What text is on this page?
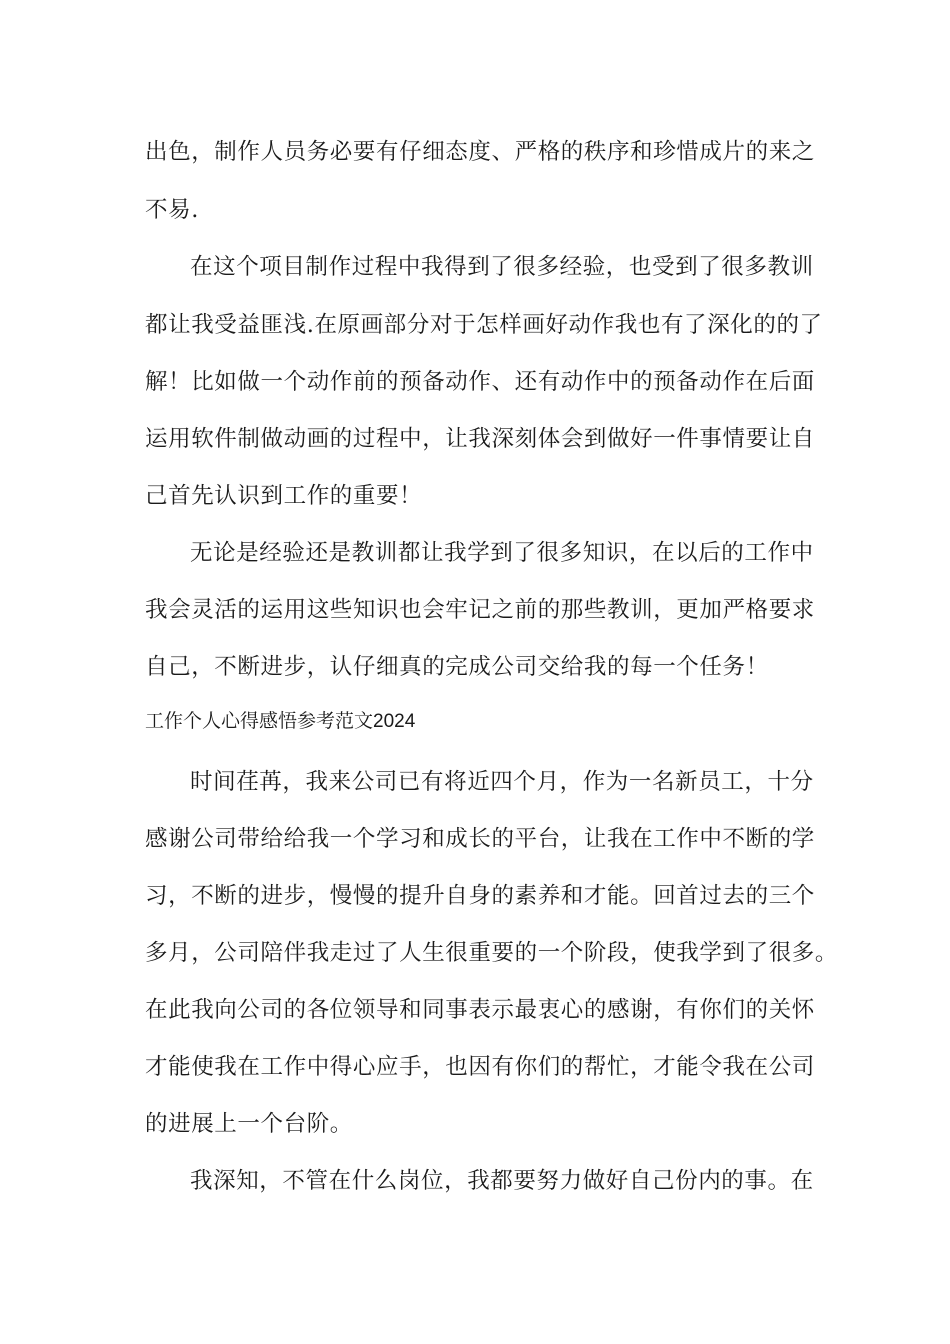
出色，制作人员务必要有仔细态度、严格的秩序和珍惜成片的来之
不易.
在这个项目制作过程中我得到了很多经验，也受到了很多教训
都让我受益匪浅.在原画部分对于怎样画好动作我也有了深化的的了
解！比如做一个动作前的预备动作、还有动作中的预备动作在后面
运用软件制做动画的过程中，让我深刻体会到做好一件事情要让自
己首先认识到工作的重要！
无论是经验还是教训都让我学到了很多知识，在以后的工作中
我会灵活的运用这些知识也会牢记之前的那些教训，更加严格要求
自己，不断进步，认仔细真的完成公司交给我的每一个任务！
工作个人心得感悟参考范文2024
时间荏苒，我来公司已有将近四个月，作为一名新员工，十分
感谢公司带给给我一个学习和成长的平台，让我在工作中不断的学
习，不断的进步，慢慢的提升自身的素养和才能。回首过去的三个
多月，公司陪伴我走过了人生很重要的一个阶段，使我学到了很多。
在此我向公司的各位领导和同事表示最衷心的感谢，有你们的关怀
才能使我在工作中得心应手，也因有你们的帮忙，才能令我在公司
的进展上一个台阶。
我深知，不管在什么岗位，我都要努力做好自己份内的事。在
